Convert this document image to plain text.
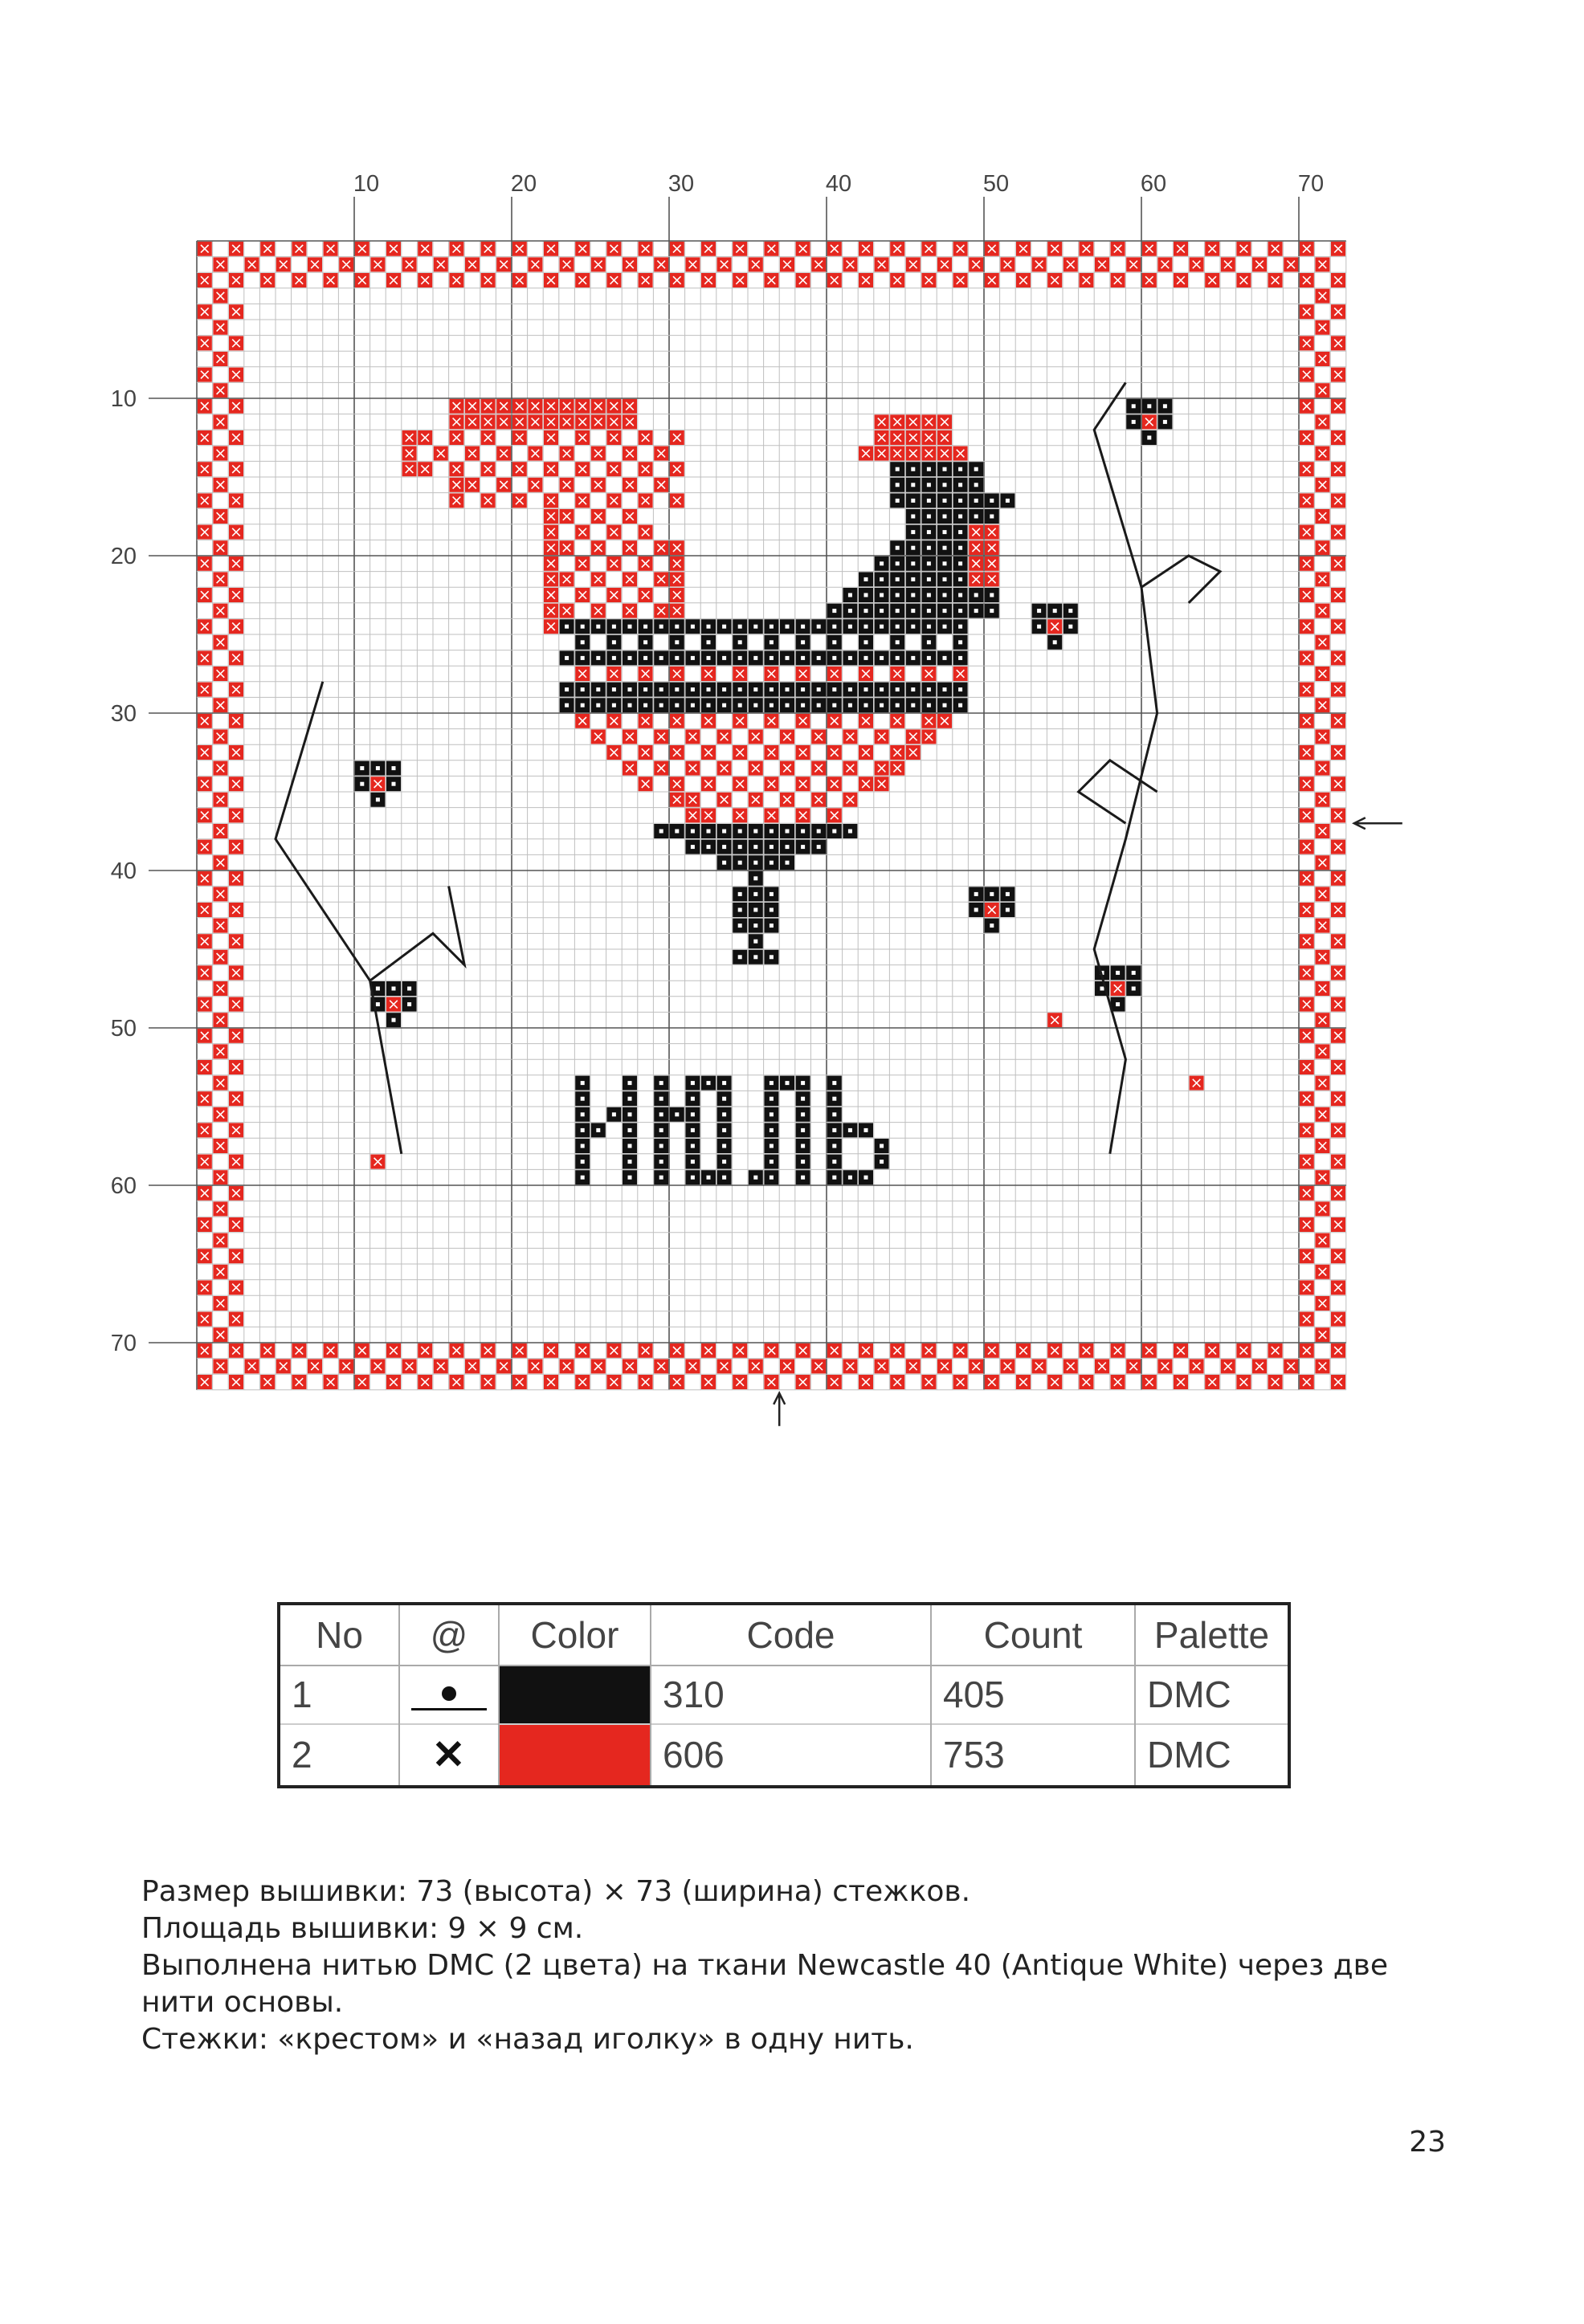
10	20	30	40	50	60	70
10
20
30
40
50
60
70
No	@	Color	Code	Count	Palette
1			310	405	DMC
2	✕		606	753	DMC

Размер вышивки: 73 (высота) × 73 (ширина) стежков.

Площадь вышивки: 9 × 9 см.

Выполнена нитью DMC (2 цвета) на ткани Newcastle 40 (Antique White) через две нити основы.

Стежки: «крестом» и «назад иголку» в одну нить.

23
